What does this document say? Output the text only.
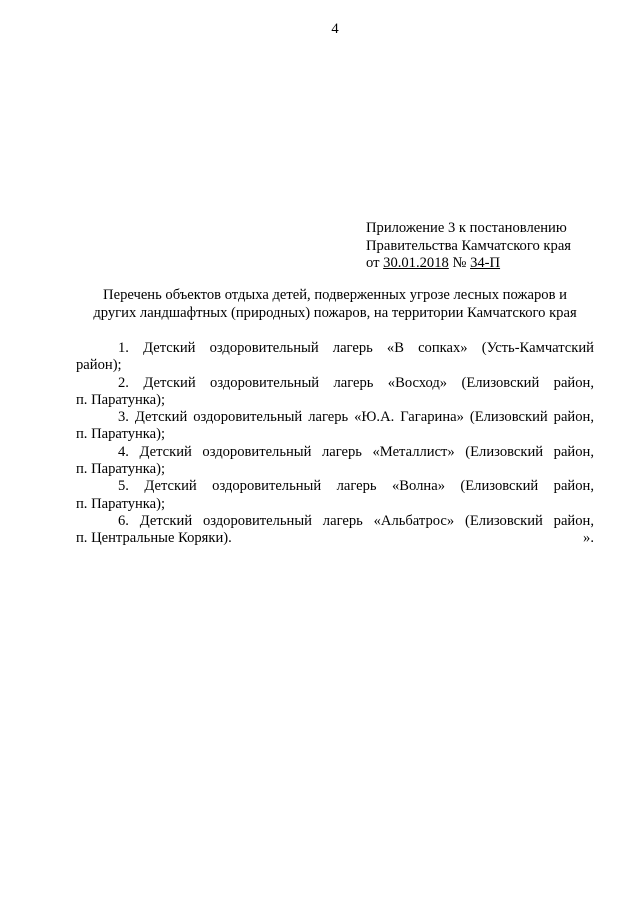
4
Приложение 3 к постановлению
Правительства Камчатского края
от 30.01.2018 № 34-П
Перечень объектов отдыха детей, подверженных угрозе лесных пожаров и
других ландшафтных (природных) пожаров, на территории Камчатского края
1. Детский оздоровительный лагерь «В сопках» (Усть-Камчатский
район);
2. Детский оздоровительный лагерь «Восход» (Елизовский район,
п. Паратунка);
3. Детский оздоровительный лагерь «Ю.А. Гагарина» (Елизовский район,
п. Паратунка);
4. Детский оздоровительный лагерь «Металлист» (Елизовский район,
п. Паратунка);
5. Детский оздоровительный лагерь «Волна» (Елизовский район,
п. Паратунка);
6. Детский оздоровительный лагерь «Альбатрос» (Елизовский район,
п. Центральные Коряки).	».
